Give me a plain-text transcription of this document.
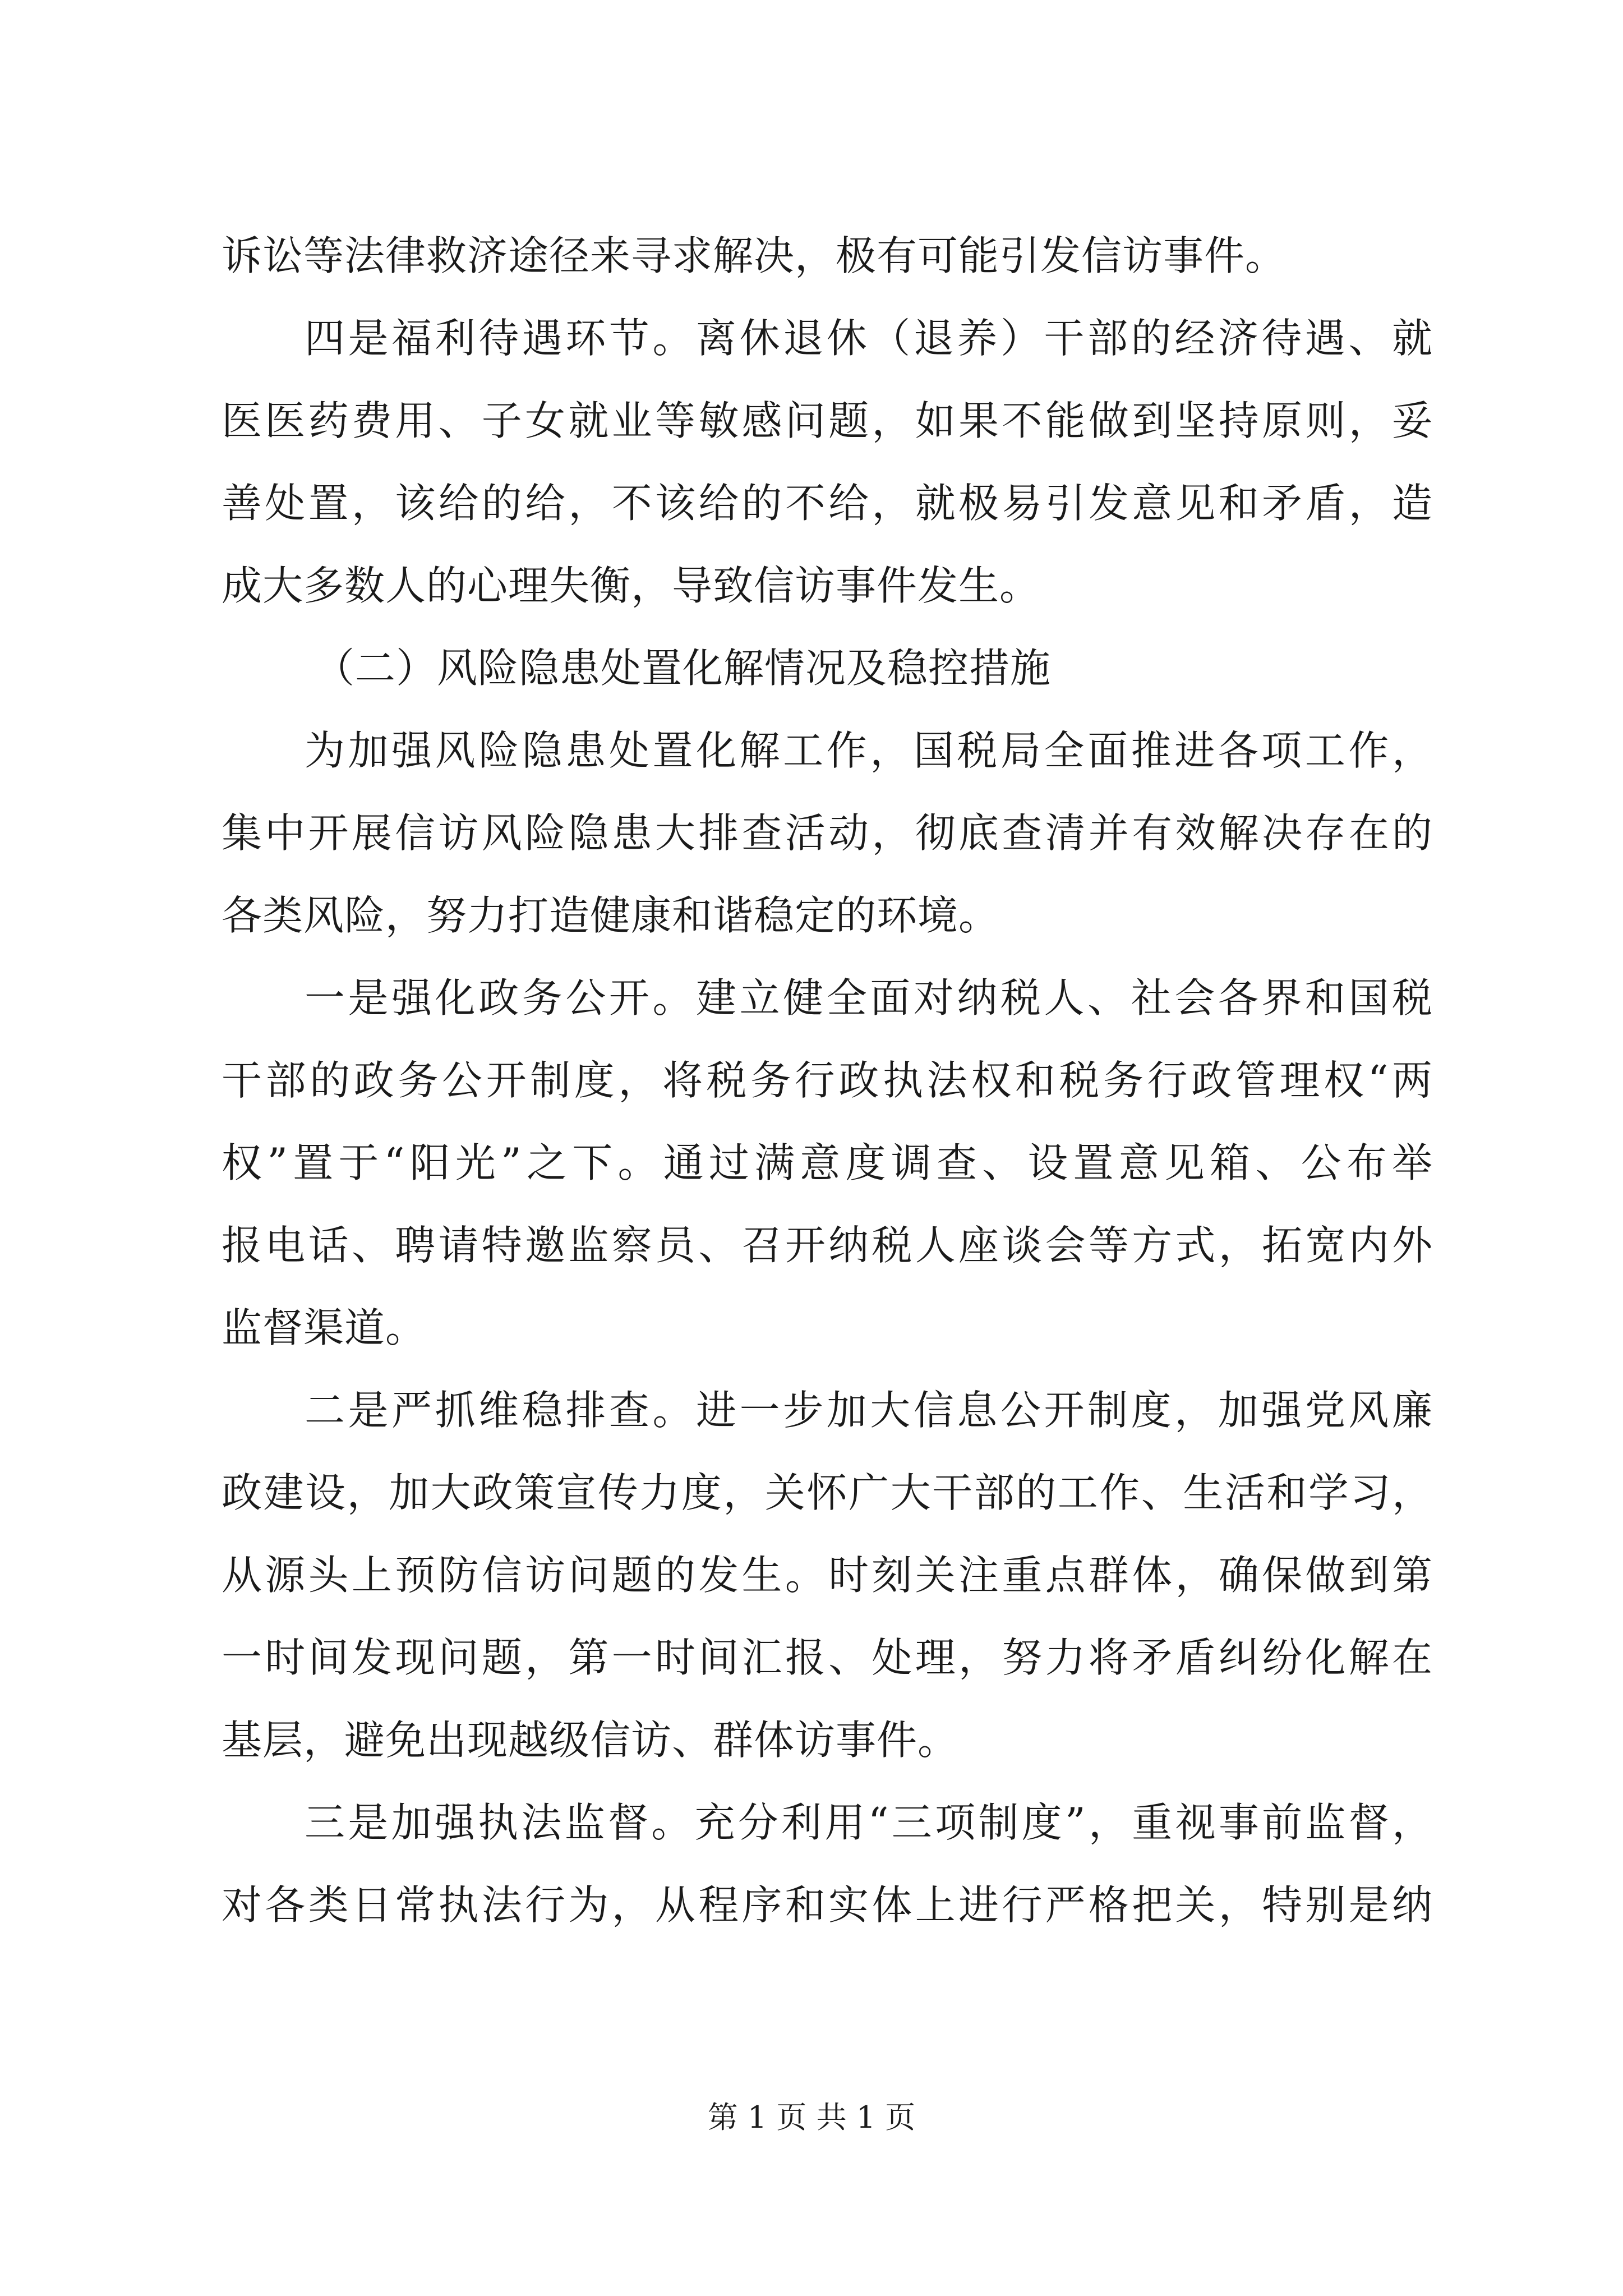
诉讼等法律救济途径来寻求解决，极有可能引发信访事件。
四是福利待遇环节。离休退休（退养）干部的经济待遇、就
医医药费用、子女就业等敏感问题，如果不能做到坚持原则，妥
善处置，该给的给，不该给的不给，就极易引发意见和矛盾，造
成大多数人的心理失衡，导致信访事件发生。
（二）风险隐患处置化解情况及稳控措施
为加强风险隐患处置化解工作，国税局全面推进各项工作，
集中开展信访风险隐患大排查活动，彻底查清并有效解决存在的
各类风险，努力打造健康和谐稳定的环境。
一是强化政务公开。建立健全面对纳税人、社会各界和国税
干部的政务公开制度，将税务行政执法权和税务行政管理权“两
权”置于“阳光”之下。通过满意度调查、设置意见箱、公布举
报电话、聘请特邀监察员、召开纳税人座谈会等方式，拓宽内外
监督渠道。
二是严抓维稳排查。进一步加大信息公开制度，加强党风廉
政建设，加大政策宣传力度，关怀广大干部的工作、生活和学习，
从源头上预防信访问题的发生。时刻关注重点群体，确保做到第
一时间发现问题，第一时间汇报、处理，努力将矛盾纠纷化解在
基层，避免出现越级信访、群体访事件。
三是加强执法监督。充分利用“三项制度”，重视事前监督，
对各类日常执法行为，从程序和实体上进行严格把关，特别是纳
第 1 页 共 1 页
